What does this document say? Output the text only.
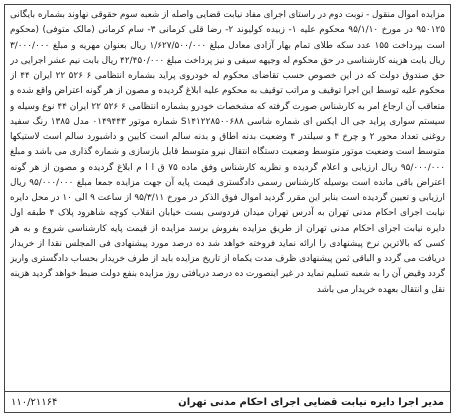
مزایده اموال منقول - نوبت دوم در راستای اجرای مفاد نیابت قضایی واصله از شعبه سوم حقوقی نهاوند بشماره بایگانی ۹۵۰۱۲۵ در مورخ ۹۵/۱/۱۰ محکوم علیه ۱- زبیده کولیوند ۲- رضا قلی کرمانی ۳- سام کرمانی (مالک متوفی) (محکوم است بپرداخت ۱۵۵ عدد سکه طلای تمام بهار آزادی معادل مبلغ ۱/۶۲۷/۵۰۰/۰۰۰ ریال بعنوان مهریه و مبلغ ۳/۰۰۰/۰۰۰ ریال بابت هزینه کارشناسی در حق محکوم له وجیهه سیفی و نیز پرداخت مبلغ ۴۲/۴۵۰/۰۰۰ ریال بابت نیم عشر اجرایی در حق صندوق دولت که در این خصوص حسب تقاضای محکوم له خودروی پراید بشماره انتظامی ۶ ۵۲۶ ۲۲ ایران ۴۴ از محکوم علیه توسط این اجرا توقیف و مراتب توقیف به محکوم علیه ابلاغ گردیده و مصون از هر گونه اعتراض واقع شده و متعاقب آن ارجاع امر به کارشناس صورت گرفته که مشخصات خودرو بشماره انتظامی ۶ ۵۲۶ ۲۲ ایران ۴۴ نوع وسیله و سیستم سواری پراید جی ال ایکس ای شماره شاسی S۱۴۱۲۲۸۵۰۰۶۸۸ شماره موتور ۰۱۴۹۴۴۳ مدل ۱۳۸۵ رنگ سفید روغنی تعداد محور ۲ و چرخ ۴ و سیلندر ۴ وضعیت بدنه اطاق و بدنه سالم است کابین و داشبورد سالم است لاستیکها متوسط است وضعیت موتور متوسط وضعیت دستگاه انتقال نیرو متوسط قابل بازسازی و شماره گذاری می باشد و مبلغ ۹۵/۰۰۰/۰۰۰ ریال ارزیابی و اعلام گردیده و نظریه کارشناس وفق ماده ۷۵ ق ا ا م ابلاغ گردیده و مصون از هر گونه اعتراض باقی مانده است بوسیله کارشناس رسمی دادگستری قیمت پایه آن جهت مزایده جمعا مبلغ ۹۵/۰۰۰/۰۰۰ ریال ارزیابی و تعیین گردیده است بنابر این مقرر گردید اموال فوق الذکر در مورخ ۹۵/۳/۱۱ از ساعت ۹ الی ۱۰ در محل دایره نیابت اجرای احکام مدنی تهران به آدرس تهران میدان فردوسی بست خیابان انقلاب کوچه شاهرود پلاک ۴ طبقه اول دایره نیابت اجرای احکام مدنی تهران از طریق مزایده بفروش برسد مزایده از قیمت پایه کارشناسی شروع و به هر کسی که بالاترین نرخ پیشنهادی را ارائه نماید فروخته خواهد شد ده درصد مورد پیشنهادی فی المجلس نقدا از خریدار دریافت می گردد و الباقی ثمن پیشنهادی ظرف مدت یکماه از تاریخ مزایده باید از طرف خریدار بحساب دادگستری واریز گردد وقیض آن را به شعبه تسلیم نماید در غیر اینصورت ده درصد دریافتی روز مزایده بنفع دولت ضبط خواهد گردید هزینه نقل و انتقال بعهده خریدار می باشد

مدیر اجرا دایره نیابت قضایی اجرای احکام مدنی تهران
۱۱۰/۲۱۱۶۴
